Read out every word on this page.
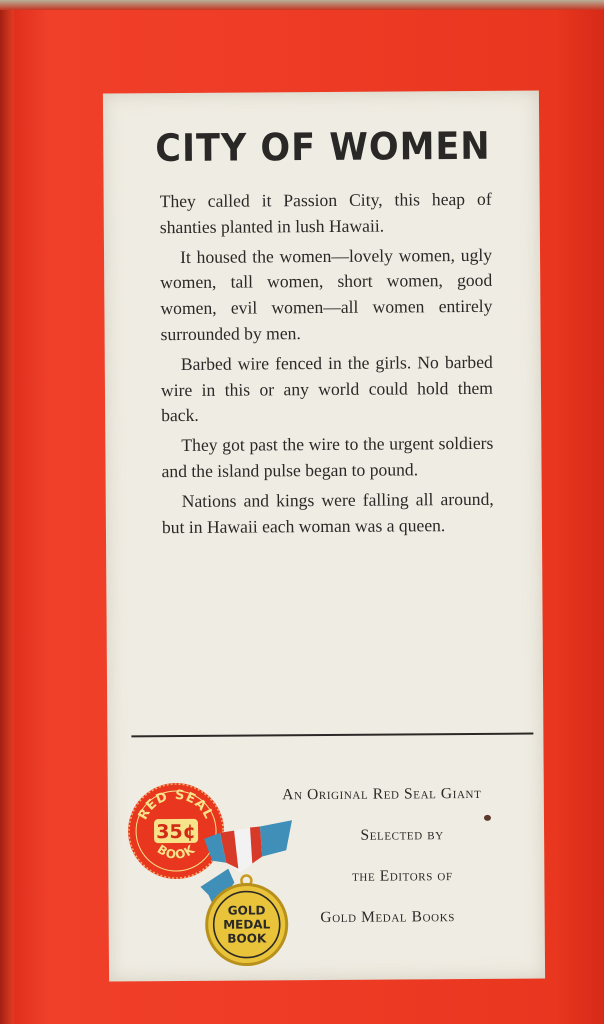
CITY OF WOMEN

They called it Passion City, this heap of shanties planted in lush Hawaii.

It housed the women—lovely women, ugly women, tall women, short women, good women, evil women—all women entirely surrounded by men.

Barbed wire fenced in the girls. No barbed wire in this or any world could hold them back.

They got past the wire to the urgent soldiers and the island pulse began to pound.

Nations and kings were falling all around, but in Hawaii each woman was a queen.

RED SEAL
35¢
BOOK
GOLD
MEDAL
BOOK
An Original Red Seal Giant
Selected by
the Editors of
Gold Medal Books
